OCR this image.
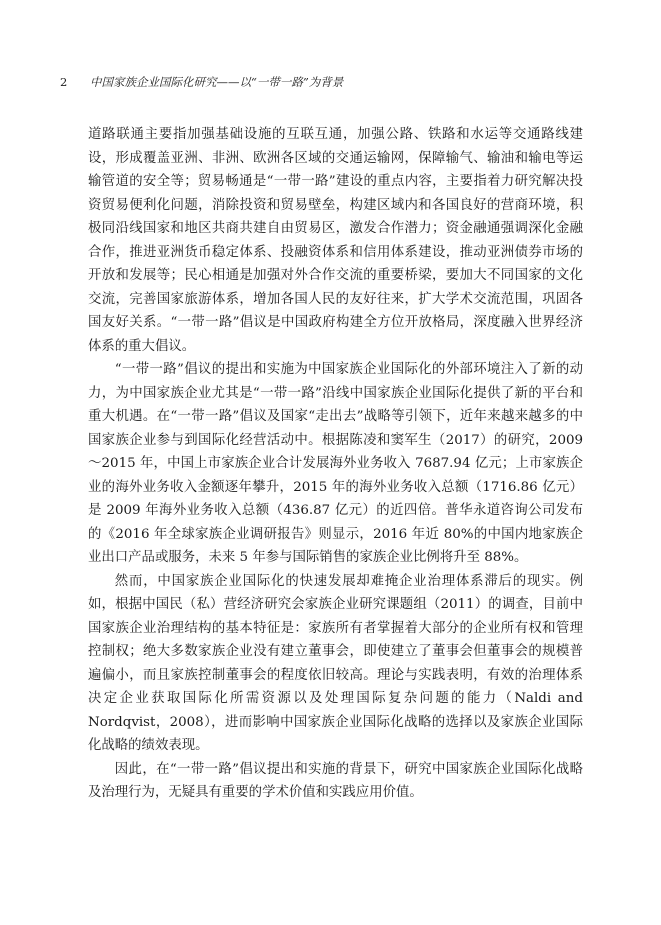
2 中国家族企业国际化研究——以“一带一路”为背景

道路联通主要指加强基础设施的互联互通，加强公路、铁路和水运等交通路线建设，形成覆盖亚洲、非洲、欧洲各区域的交通运输网，保障输气、输油和输电等运输管道的安全等；贸易畅通是“一带一路”建设的重点内容，主要指着力研究解决投资贸易便利化问题，消除投资和贸易壁垒，构建区域内和各国良好的营商环境，积极同沿线国家和地区共商共建自由贸易区，激发合作潜力；资金融通强调深化金融合作，推进亚洲货币稳定体系、投融资体系和信用体系建设，推动亚洲债券市场的开放和发展等；民心相通是加强对外合作交流的重要桥梁，要加大不同国家的文化交流，完善国家旅游体系，增加各国人民的友好往来，扩大学术交流范围，巩固各国友好关系。“一带一路”倡议是中国政府构建全方位开放格局，深度融入世界经济体系的重大倡议。

“一带一路”倡议的提出和实施为中国家族企业国际化的外部环境注入了新的动力，为中国家族企业尤其是“一带一路”沿线中国家族企业国际化提供了新的平台和重大机遇。在“一带一路”倡议及国家“走出去”战略等引领下，近年来越来越多的中国家族企业参与到国际化经营活动中。根据陈凌和窦军生（2017）的研究，2009～2015 年，中国上市家族企业合计发展海外业务收入 7687.94 亿元；上市家族企业的海外业务收入金额逐年攀升，2015 年的海外业务收入总额（1716.86 亿元）是 2009 年海外业务收入总额（436.87 亿元）的近四倍。普华永道咨询公司发布的《2016 年全球家族企业调研报告》则显示，2016 年近 80%的中国内地家族企业出口产品或服务，未来 5 年参与国际销售的家族企业比例将升至 88%。

然而，中国家族企业国际化的快速发展却难掩企业治理体系滞后的现实。例如，根据中国民（私）营经济研究会家族企业研究课题组（2011）的调查，目前中国家族企业治理结构的基本特征是：家族所有者掌握着大部分的企业所有权和管理控制权；绝大多数家族企业没有建立董事会，即使建立了董事会但董事会的规模普遍偏小，而且家族控制董事会的程度依旧较高。理论与实践表明，有效的治理体系决定企业获取国际化所需资源以及处理国际复杂问题的能力（Naldi and Nordqvist，2008），进而影响中国家族企业国际化战略的选择以及家族企业国际化战略的绩效表现。

因此，在“一带一路”倡议提出和实施的背景下，研究中国家族企业国际化战略及治理行为，无疑具有重要的学术价值和实践应用价值。
